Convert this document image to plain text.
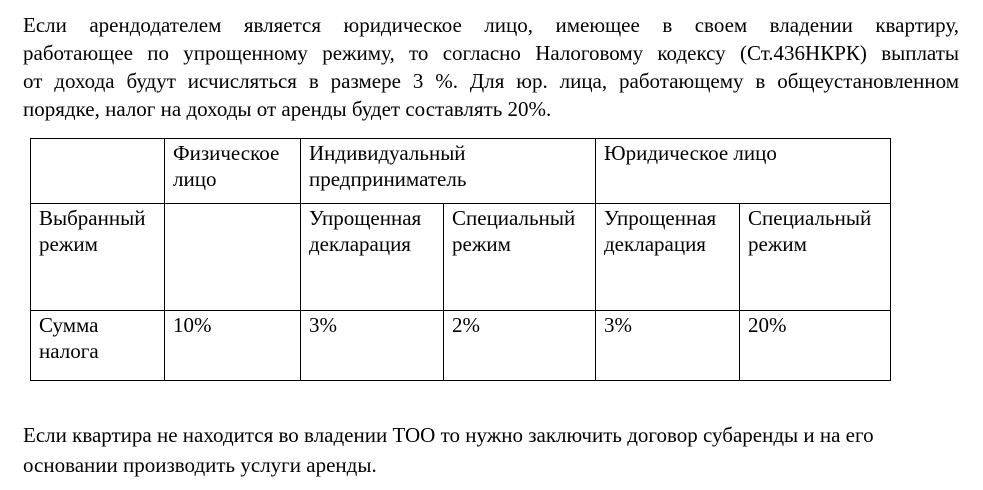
Если арендодателем является юридическое лицо, имеющее в своем владении квартиру,
работающее по упрощенному режиму, то согласно Налоговому кодексу (Ст.436НКРК) выплаты
от дохода будут исчисляться в размере 3 %. Для юр. лица, работающему в общеустановленном
порядке, налог на доходы от аренды будет составлять 20%.
	Физическое лицо	Индивидуальный предприниматель		Юридическое лицо	
Выбранный режим		Упрощенная декларация	Специальный режим	Упрощенная декларация	Специальный режим
Сумма налога	10%	3%	2%	3%	20%
Если квартира не находится во владении ТОО то нужно заключить договор субаренды и на его
основании производить услуги аренды.
